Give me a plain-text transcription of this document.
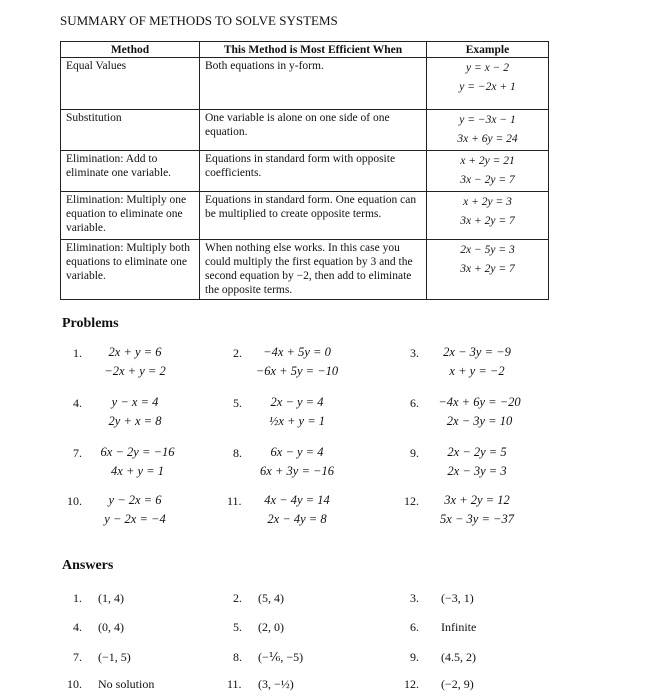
SUMMARY OF METHODS TO SOLVE SYSTEMS
Method	This Method is Most Efficient When	Example
Equal Values	Both equations in y-form.	y = x − 2
y = −2x + 1

Substitution	One variable is alone on one side of one equation.	y = −3x − 1
3x + 6y = 24

Elimination: Add to eliminate one variable.	Equations in standard form with opposite coefficients.	x + 2y = 21
3x − 2y = 7

Elimination: Multiply one equation to eliminate one variable.	Equations in standard form. One equation can be multiplied to create opposite terms.	x + 2y = 3
3x + 2y = 7

Elimination: Multiply both equations to eliminate one variable.	When nothing else works. In this case you could multiply the first equation by 3 and the second equation by −2, then add to eliminate the opposite terms.	2x − 5y = 3
3x + 2y = 7
Problems
1.	2x + y = 6
−2x + y = 2
2.	−4x + 5y = 0
−6x + 5y = −10
3.	2x − 3y = −9
x + y = −2
4.	y − x = 4
2y + x = 8
5.	2x − y = 4
½x + y = 1
6.	−4x + 6y = −20
2x − 3y = 10
7.	6x − 2y = −16
4x + y = 1
8.	6x − y = 4
6x + 3y = −16
9.	2x − 2y = 5
2x − 3y = 3
10.	y − 2x = 6
y − 2x = −4
11.	4x − 4y = 14
2x − 4y = 8
12.	3x + 2y = 12
5x − 3y = −37
Answers
1. (1, 4)	2. (5, 4)	3. (−3, 1)
4. (0, 4)	5. (2, 0)	6. Infinite
7. (−1, 5)	8. (−⅙, −5)	9. (4.5, 2)
10. No solution	11. (3, −½)	12. (−2, 9)
